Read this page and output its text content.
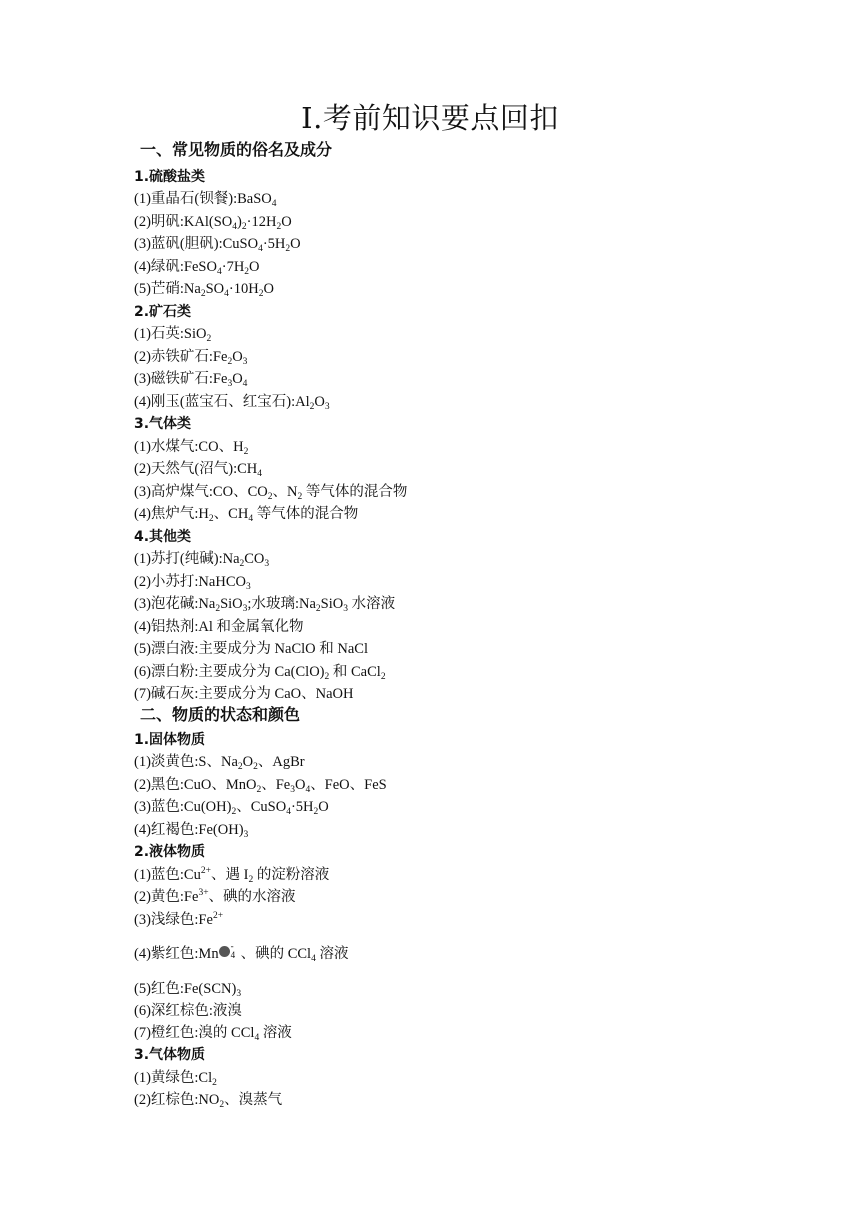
Ⅰ.考前知识要点回扣
一、常见物质的俗名及成分
1.硫酸盐类
(1)重晶石(钡餐):BaSO$_4$
(2)明矾$:KAl(SO_4)_2\cdot 12H_2O$
(3)蓝矾(胆矾)$:CuSO_4\cdot 5H_2O$
(4)绿矾$:FeSO_4\cdot 7H_2O$
(5)芒硝$:Na_2SO_4\cdot 10H_2O$
2.矿石类
(1)石英:SiO$_2$
(2)赤铁矿石$:Fe_2O_3$
(3)磁铁矿石$:Fe_3O_4$
(4)刚玉(蓝宝石、红宝石)$:Al_2O_3$
3.气体类
(1)水煤气:CO、$H_2$
(2)天然气(沼气)$:CH_4$
(3)高炉煤气:CO、$CO_2$、$N_2$ 等气体的混合物
(4)焦炉气$:H_2$、$CH_4$ 等气体的混合物
4.其他类
(1)苏打(纯碱)$:Na_2CO_3$
(2)小苏打:NaHCO$_3$
(3)泡花碱$:Na_2SiO_3$;水玻璃$:Na_2SiO_3$ 水溶液
(4)铝热剂:Al 和金属氧化物
(5)漂白液:主要成分为 NaClO 和 NaCl
(6)漂白粉:主要成分为 $Ca(ClO)_2$ 和 CaCl$_2$
(7)碱石灰:主要成分为 CaO、NaOH
二、物质的状态和颜色
1.固体物质
(1)淡黄色:S、$Na_2O_2$、AgBr
(2)黑色:CuO、MnO$_2$、$Fe_3O_4$、FeO、FeS
(3)蓝色$:Cu(OH)_2$、$CuSO_4\cdot 5H_2O$
(4)红褐色$:Fe(OH)_3$
2.液体物质
(1)蓝色$:Cu^{2+}$、遇 $I_2$ 的淀粉溶液
(2)黄色$:Fe^{3+}$、碘的水溶液
(3)浅绿色$:Fe^{2+}$
(4)紫红色:Mn -
4 、碘的 CCl$_4$ 溶液
(5)红色$:Fe(SCN)_3$
(6)深红棕色:液溴
(7)橙红色:溴的 CCl$_4$ 溶液
3.气体物质
(1)黄绿色$:Cl_2$
(2)红棕色$:NO_2$、溴蒸气
